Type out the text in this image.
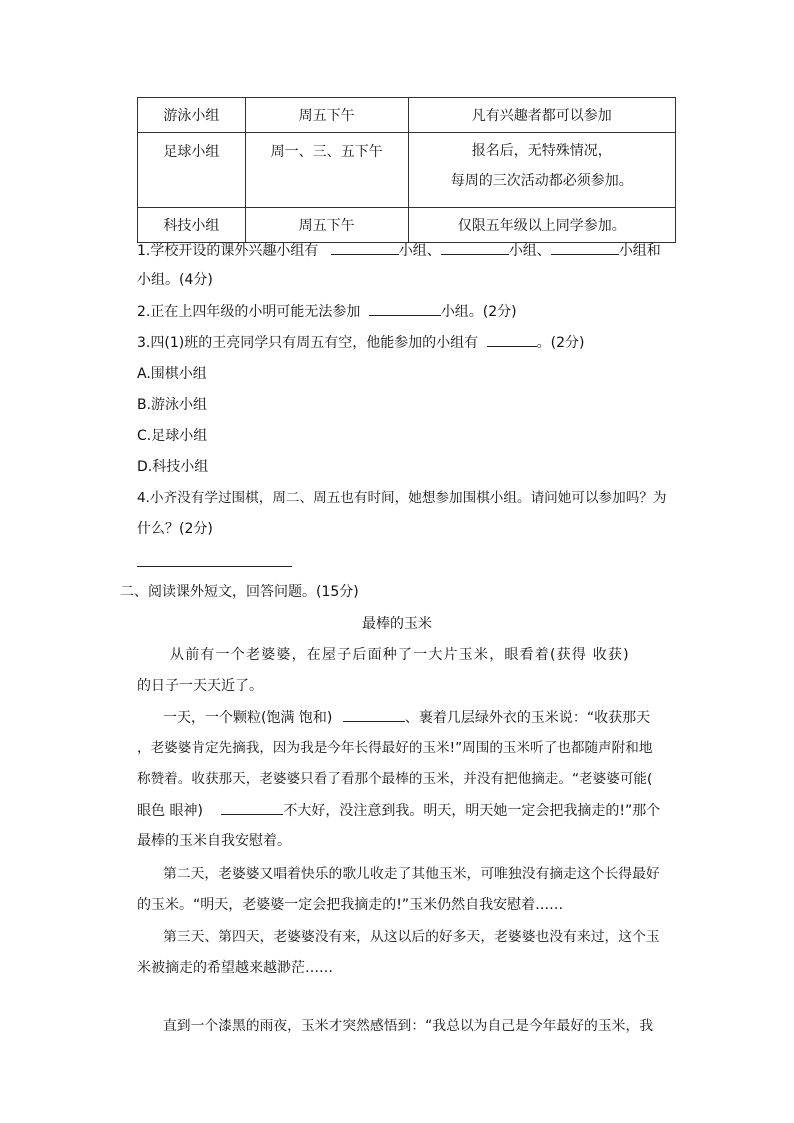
游泳小组	周五下午	凡有兴趣者都可以参加
足球小组	周一、三、五下午	报名后，无特殊情况，
每周的三次活动都必须参加。

科技小组	周五下午	仅限五年级以上同学参加。
1.学校开设的课外兴趣小组有	小组、	小组、	小组和
小组。(4分)
2.正在上四年级的小明可能无法参加	小组。(2分)
3.四(1)班的王亮同学只有周五有空，他能参加的小组有	。(2分)
A.围棋小组
B.游泳小组
C.足球小组
D.科技小组
4.小齐没有学过围棋，周二、周五也有时间，她想参加围棋小组。请问她可以参加吗？为
什么？(2分)
二、阅读课外短文，回答问题。(15分)
最棒的玉米
从前有一个老婆婆，在屋子后面种了一大片玉米，眼看着(获得 收获)
的日子一天天近了。
一天，一个颗粒(饱满 饱和)	、裹着几层绿外衣的玉米说：“收获那天
，老婆婆肯定先摘我，因为我是今年长得最好的玉米!”周围的玉米听了也都随声附和地
称赞着。收获那天，老婆婆只看了看那个最棒的玉米，并没有把他摘走。“老婆婆可能(
眼色 眼神)	不大好，没注意到我。明天，明天她一定会把我摘走的!”那个
最棒的玉米自我安慰着。
第二天，老婆婆又唱着快乐的歌儿收走了其他玉米，可唯独没有摘走这个长得最好
的玉米。“明天，老婆婆一定会把我摘走的!”玉米仍然自我安慰着……
第三天、第四天，老婆婆没有来，从这以后的好多天，老婆婆也没有来过，这个玉
米被摘走的希望越来越渺茫……
直到一个漆黑的雨夜，玉米才突然感悟到：“我总以为自己是今年最好的玉米，我
